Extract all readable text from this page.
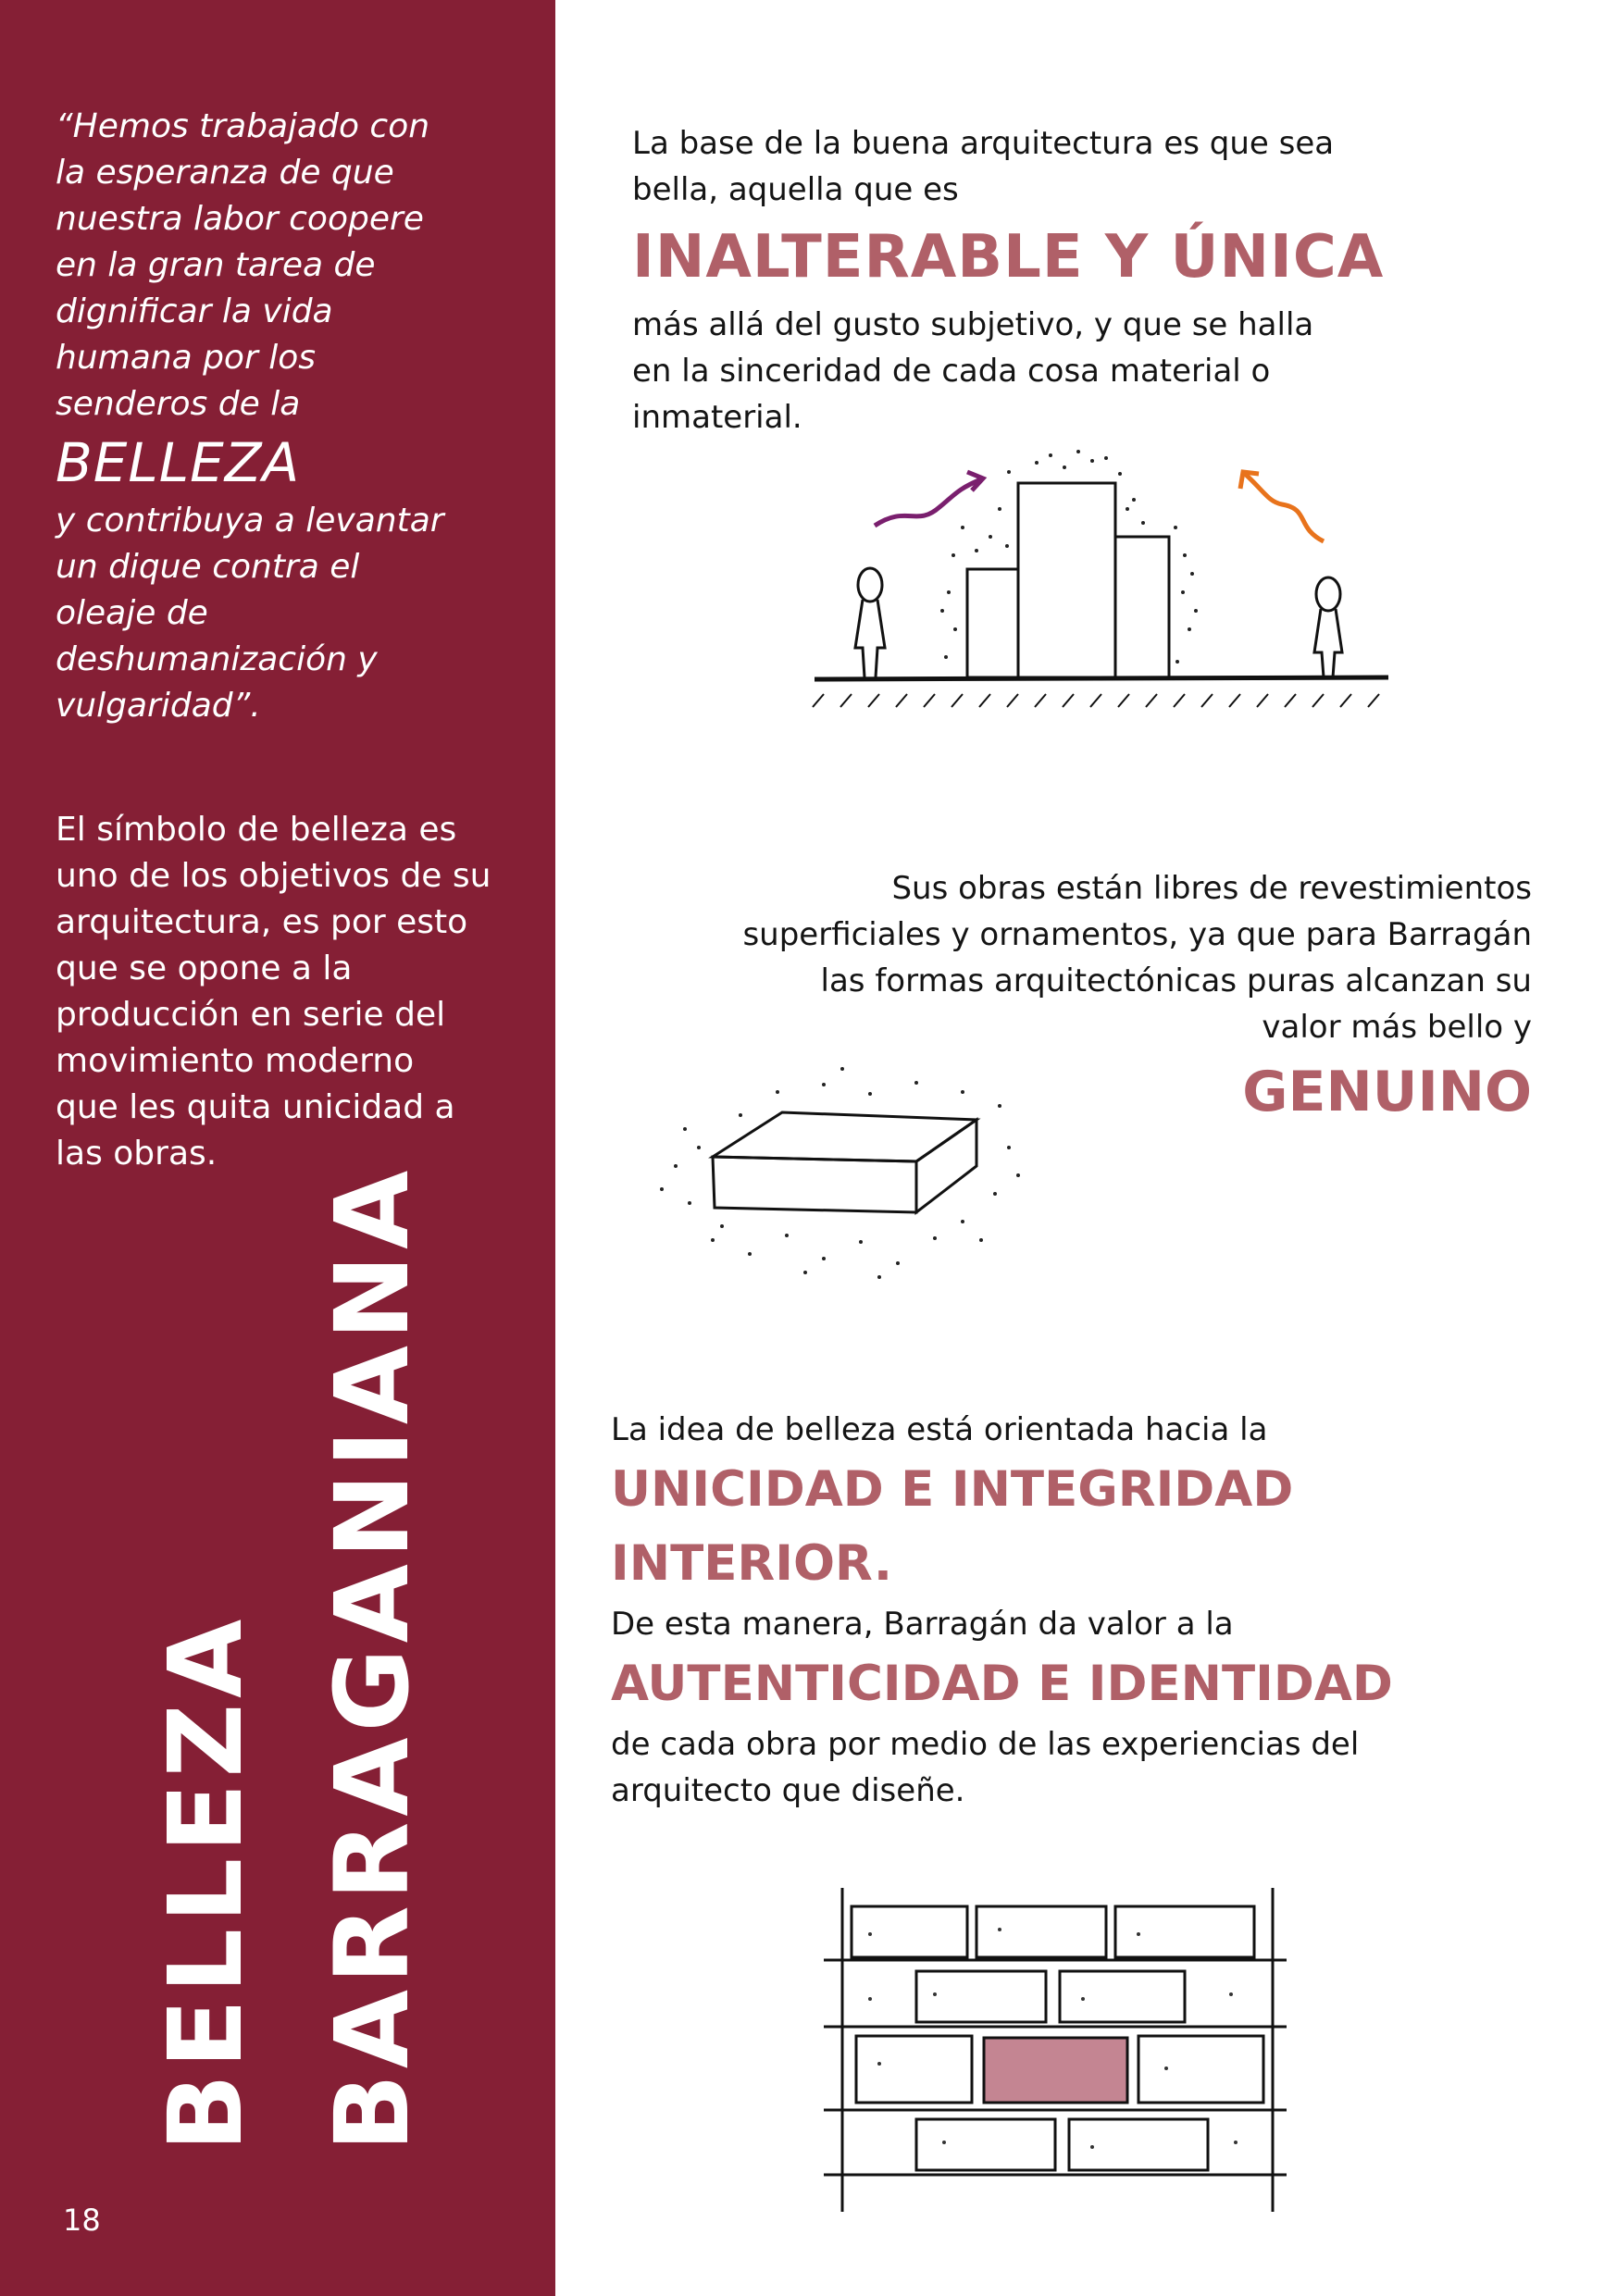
“Hemos trabajado con
la esperanza de que
nuestra labor coopere
en la gran tarea de
dignificar la vida
humana por los
senderos de la
BELLEZA
y contribuya a levantar
un dique contra el
oleaje de
deshumanización y
vulgaridad”.
El símbolo de belleza es
uno de los objetivos de su
arquitectura, es por esto
que se opone a la
producción en serie del
movimiento moderno
que les quita unicidad a
las obras.
BELLEZA BARRAGANIANA
18
La base de la buena arquitectura es que sea
bella, aquella que es
INALTERABLE Y ÚNICA
más allá del gusto subjetivo, y que se halla
en la sinceridad de cada cosa material o
inmaterial.
Sus obras están libres de revestimientos
superficiales y ornamentos, ya que para Barragán
las formas arquitectónicas puras alcanzan su
valor más bello y
GENUINO
La idea de belleza está orientada hacia la
UNICIDAD E INTEGRIDAD
INTERIOR.
De esta manera, Barragán da valor a la
AUTENTICIDAD E IDENTIDAD
de cada obra por medio de las experiencias del
arquitecto que diseñe.
